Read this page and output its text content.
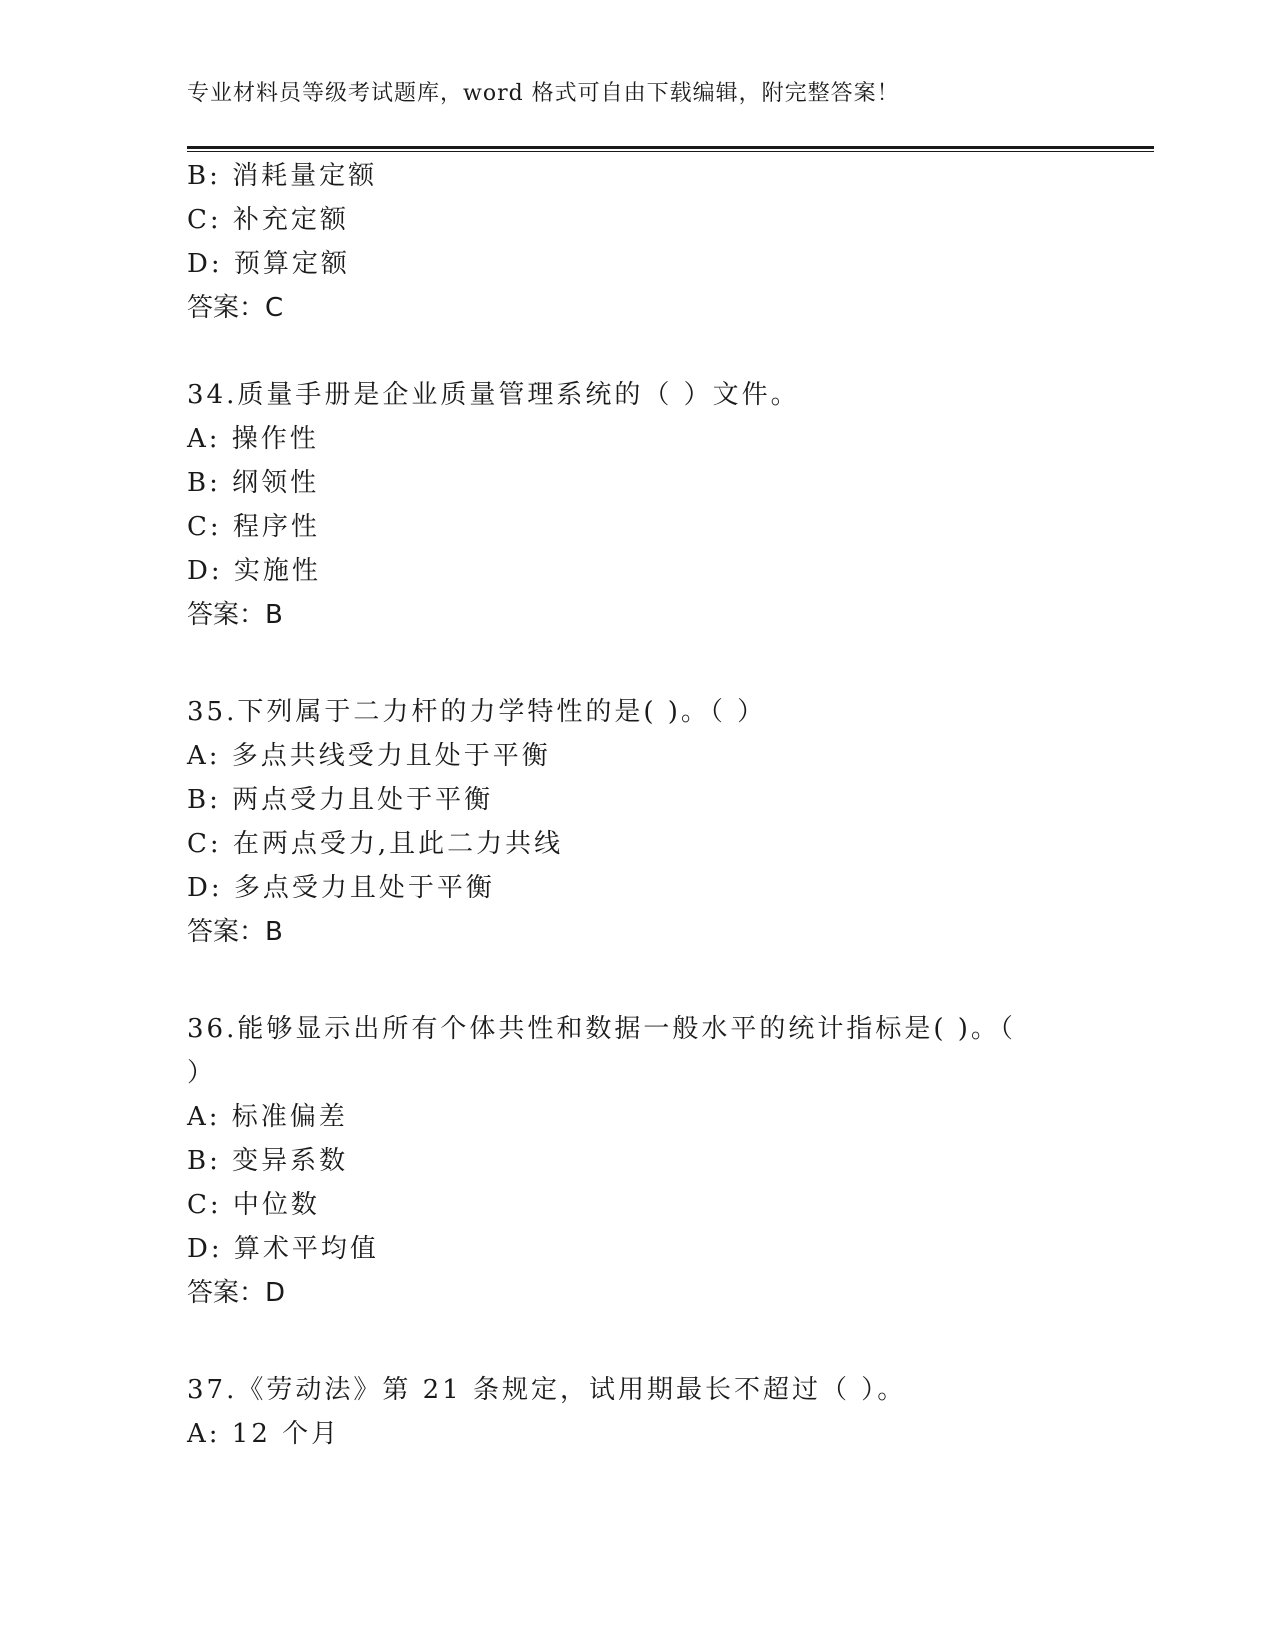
专业材料员等级考试题库，word 格式可自由下载编辑，附完整答案！
B: 消耗量定额
C: 补充定额
D: 预算定额
答案：C
34.质量手册是企业质量管理系统的（ ）文件。
A: 操作性
B: 纲领性
C: 程序性
D: 实施性
答案：B
35.下列属于二力杆的力学特性的是( )。（ ）
A: 多点共线受力且处于平衡
B: 两点受力且处于平衡
C: 在两点受力,且此二力共线
D: 多点受力且处于平衡
答案：B
36.能够显示出所有个体共性和数据一般水平的统计指标是( )。（
）
A: 标准偏差
B: 变异系数
C: 中位数
D: 算术平均值
答案：D
37.《劳动法》第 21 条规定，试用期最长不超过（ ）。
A: 12 个月
